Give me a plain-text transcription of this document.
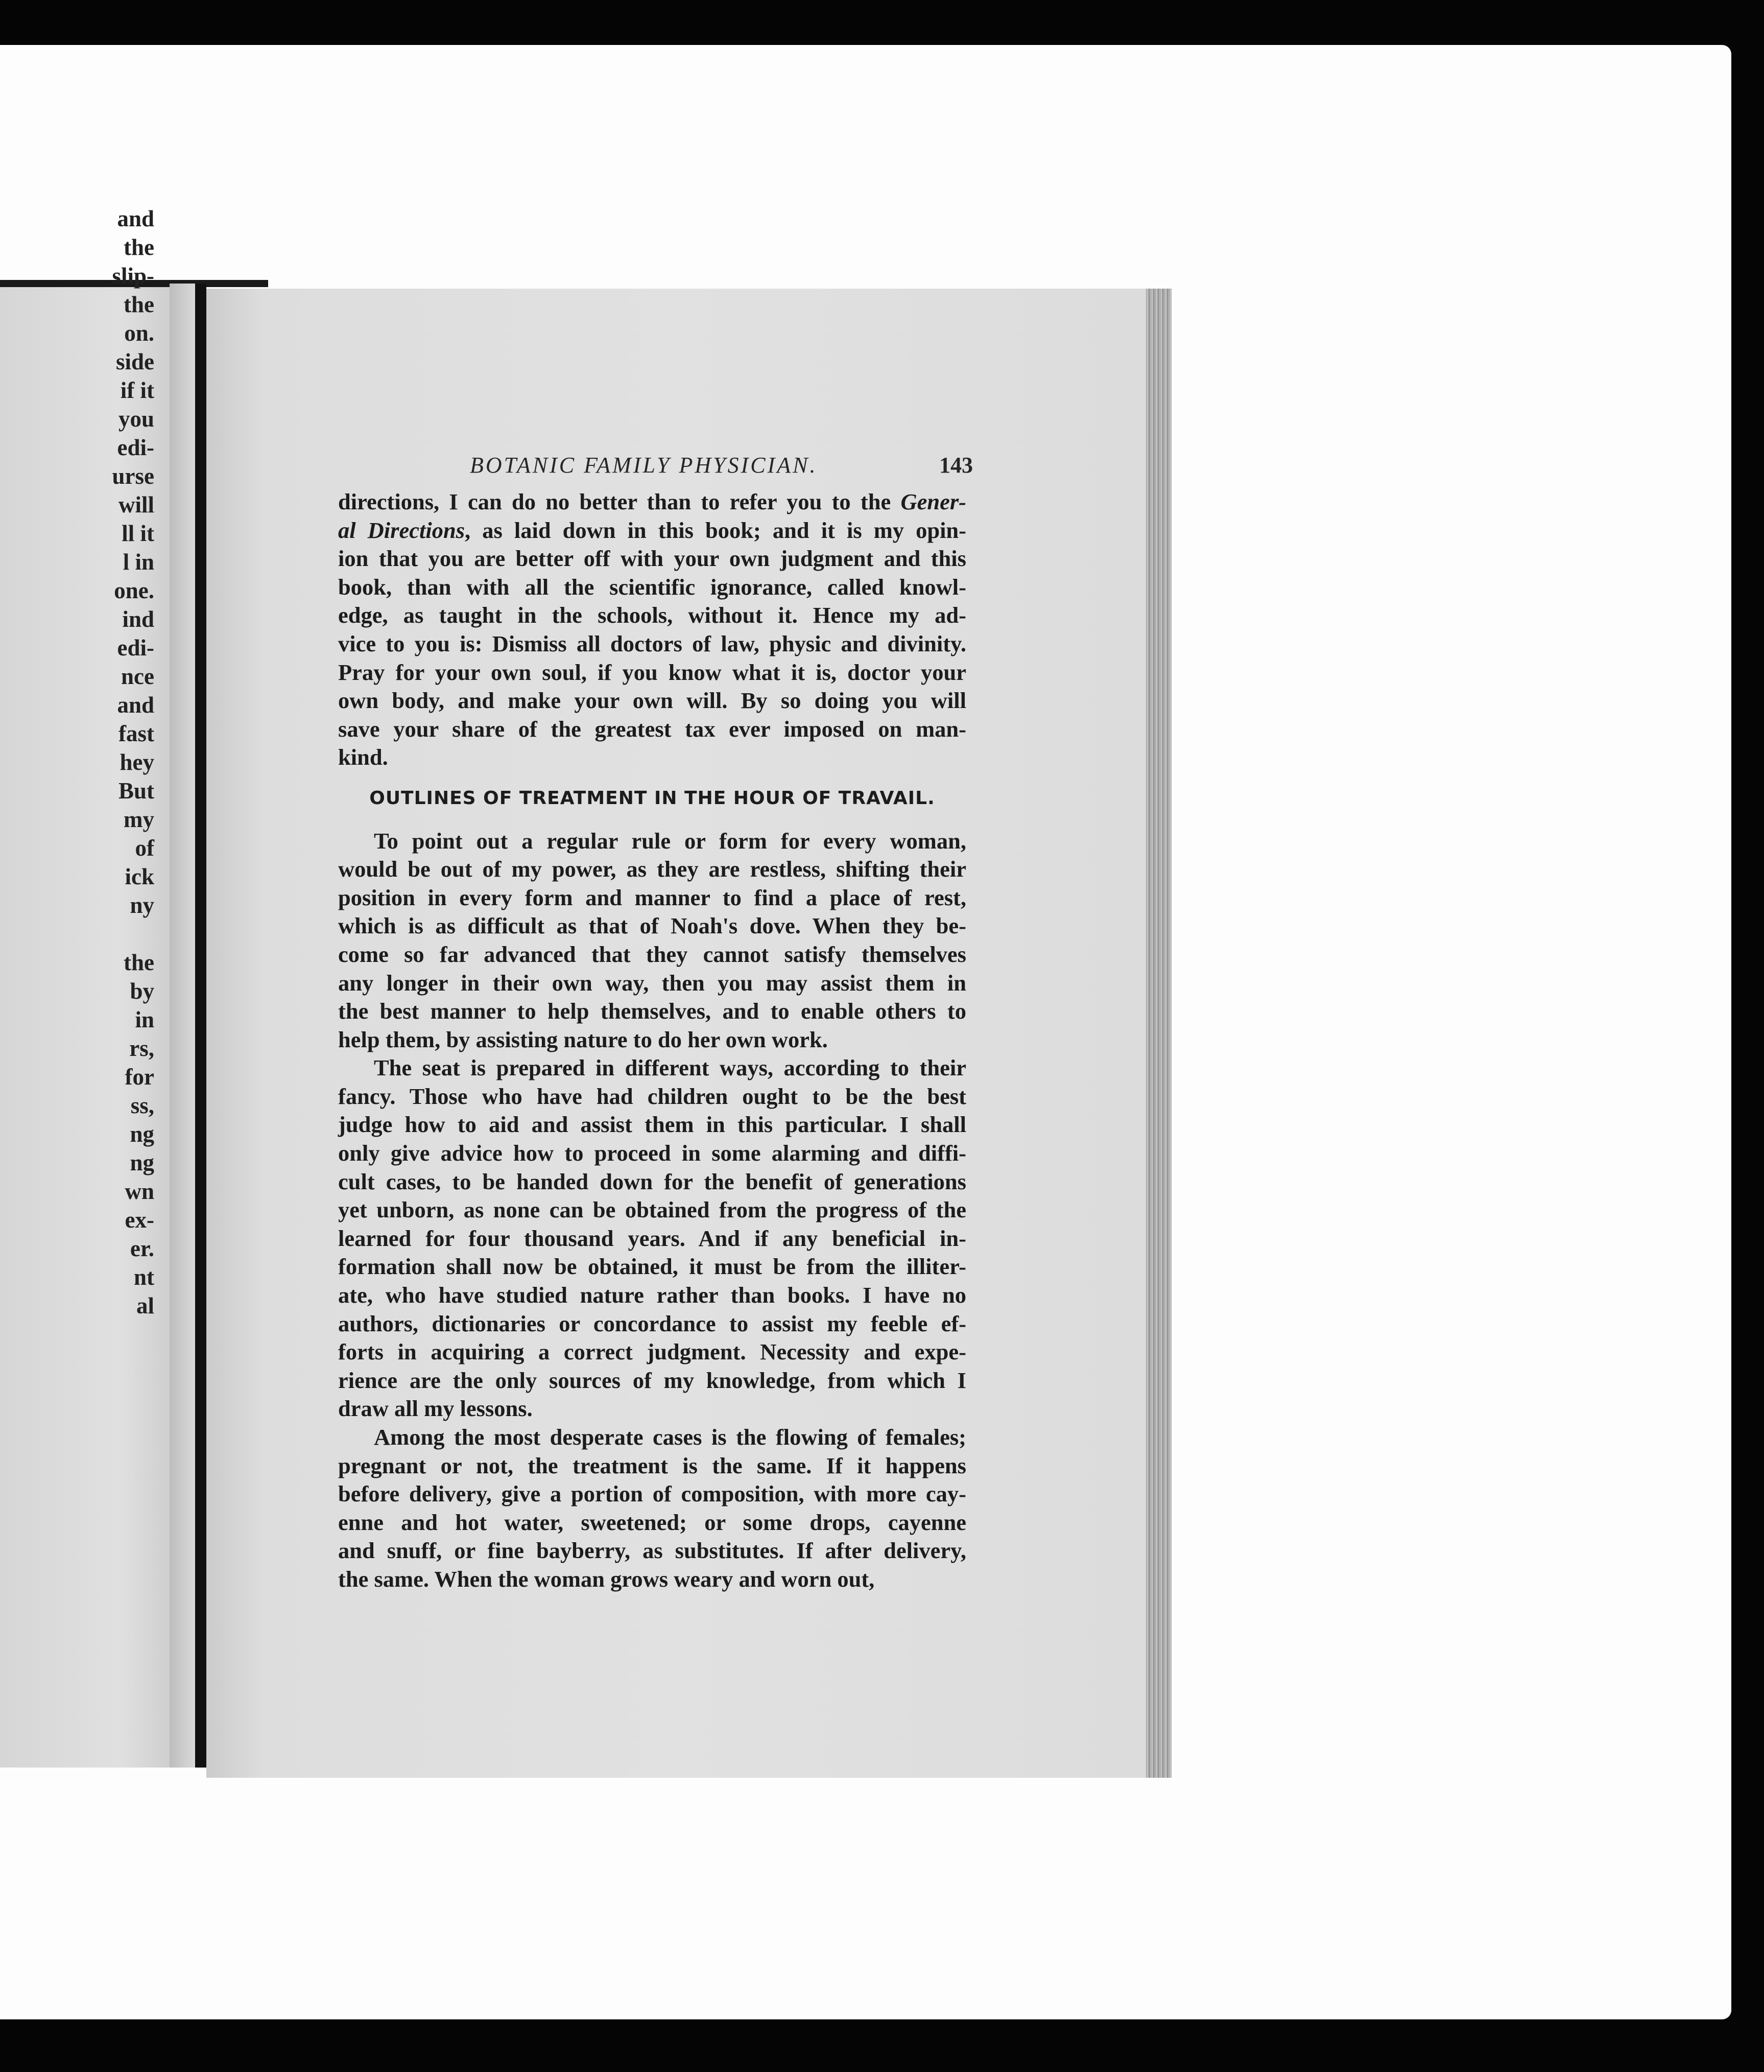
and
the
slip-
the
on.
side
if it
you
edi-
urse
will
ll it
l in
one.
ind
edi-
nce
and
fast
hey
But
my
of
ick
ny
the
by
in
rs,
for
ss,
ng
ng
wn
ex-
er.
nt
al
BOTANIC FAMILY PHYSICIAN.	143
directions, I can do no better than to refer you to the Gener-
al Directions, as laid down in this book; and it is my opin-
ion that you are better off with your own judgment and this
book, than with all the scientific ignorance, called knowl-
edge, as taught in the schools, without it. Hence my ad-
vice to you is: Dismiss all doctors of law, physic and divinity.
Pray for your own soul, if you know what it is, doctor your
own body, and make your own will. By so doing you will
save your share of the greatest tax ever imposed on man-
kind.
OUTLINES OF TREATMENT IN THE HOUR OF TRAVAIL.
To point out a regular rule or form for every woman,
would be out of my power, as they are restless, shifting their
position in every form and manner to find a place of rest,
which is as difficult as that of Noah's dove. When they be-
come so far advanced that they cannot satisfy themselves
any longer in their own way, then you may assist them in
the best manner to help themselves, and to enable others to
help them, by assisting nature to do her own work.
The seat is prepared in different ways, according to their
fancy. Those who have had children ought to be the best
judge how to aid and assist them in this particular. I shall
only give advice how to proceed in some alarming and diffi-
cult cases, to be handed down for the benefit of generations
yet unborn, as none can be obtained from the progress of the
learned for four thousand years. And if any beneficial in-
formation shall now be obtained, it must be from the illiter-
ate, who have studied nature rather than books. I have no
authors, dictionaries or concordance to assist my feeble ef-
forts in acquiring a correct judgment. Necessity and expe-
rience are the only sources of my knowledge, from which I
draw all my lessons.
Among the most desperate cases is the flowing of females;
pregnant or not, the treatment is the same. If it happens
before delivery, give a portion of composition, with more cay-
enne and hot water, sweetened; or some drops, cayenne
and snuff, or fine bayberry, as substitutes. If after delivery,
the same. When the woman grows weary and worn out,
